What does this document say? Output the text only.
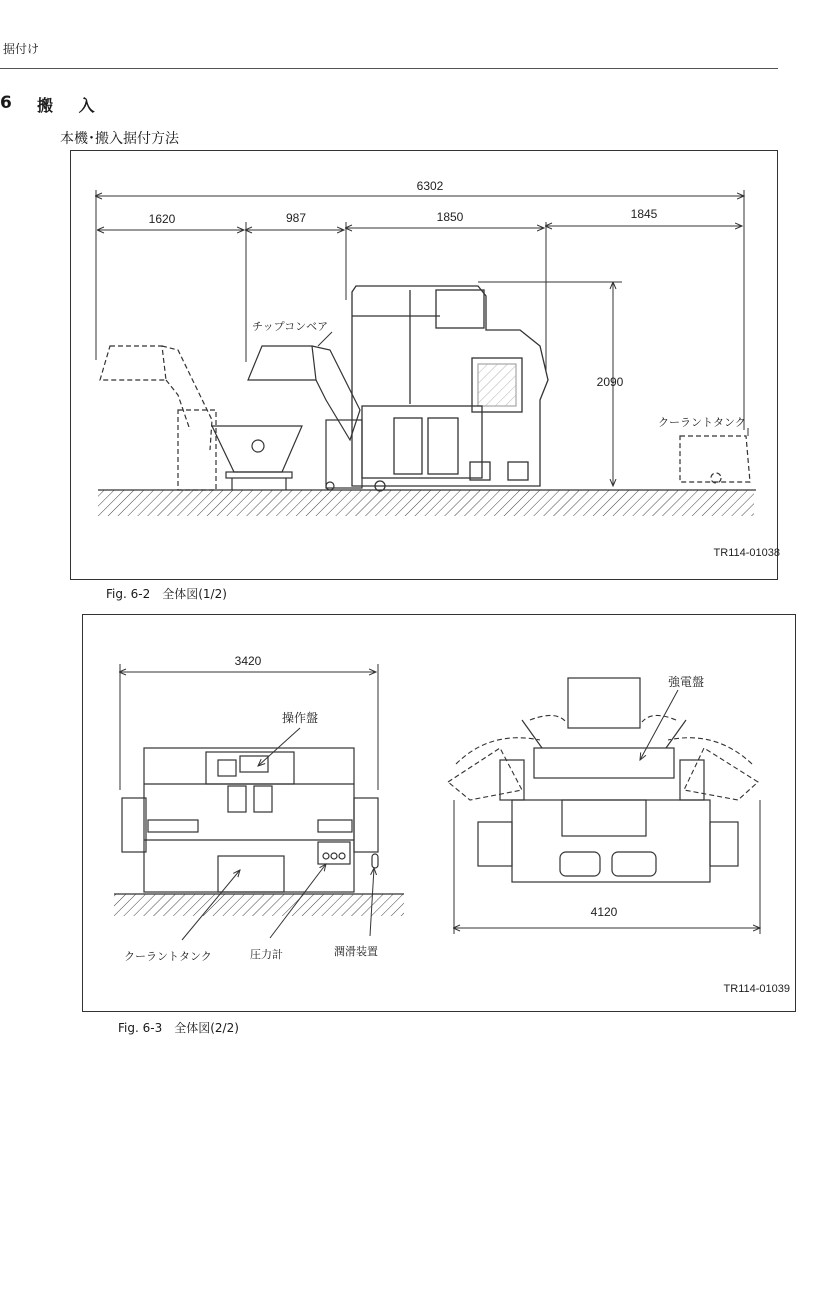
据付け
6 搬 入
本機･搬入据付方法
6302
1620	987	1850	1845
2090
チップコンベア
クーラントタンク
TR114-01038
Fig. 6-2　全体図(1/2)
3420
4120
操作盤
強電盤
クーラントタンク	圧力計	潤滑装置
TR114-01039
Fig. 6-3　全体図(2/2)
